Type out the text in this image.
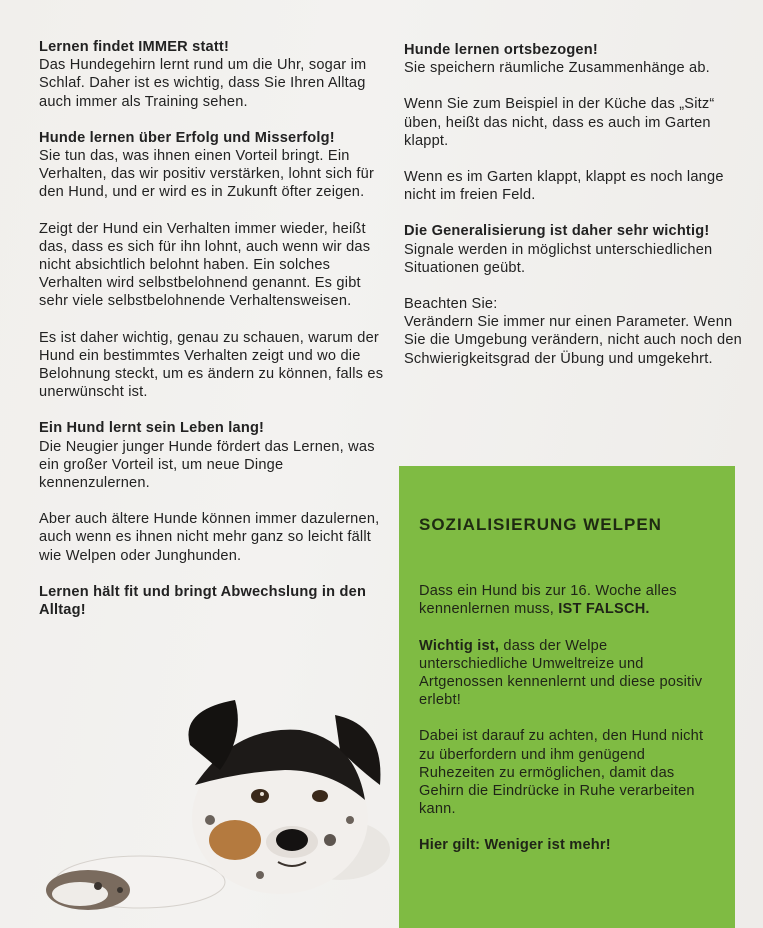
Lernen findet IMMER statt!

Das Hundegehirn lernt rund um die Uhr, sogar im Schlaf. Daher ist es wichtig, dass Sie Ihren Alltag auch immer als Training sehen.

Hunde lernen über Erfolg und Misserfolg!

Sie tun das, was ihnen einen Vorteil bringt. Ein Verhalten, das wir positiv verstärken, lohnt sich für den Hund, und er wird es in Zukunft öfter zeigen.

Zeigt der Hund ein Verhalten immer wieder, heißt das, dass es sich für ihn lohnt, auch wenn wir das nicht absichtlich belohnt haben. Ein solches Verhalten wird selbstbelohnend genannt. Es gibt sehr viele selbstbelohnende Verhaltensweisen.

Es ist daher wichtig, genau zu schauen, warum der Hund ein bestimmtes Verhalten zeigt und wo die Belohnung steckt, um es ändern zu können, falls es unerwünscht ist.

Ein Hund lernt sein Leben lang!

Die Neugier junger Hunde fördert das Lernen, was ein großer Vorteil ist, um neue Dinge kennenzulernen.

Aber auch ältere Hunde können immer dazulernen, auch wenn es ihnen nicht mehr ganz so leicht fällt wie Welpen oder Junghunden.

Lernen hält fit und bringt Abwechslung in den Alltag!

Hunde lernen ortsbezogen!

Sie speichern räumliche Zusammenhänge ab.

Wenn Sie zum Beispiel in der Küche das „Sitz“ üben, heißt das nicht, dass es auch im Garten klappt.

Wenn es im Garten klappt, klappt es noch lange nicht im freien Feld.

Die Generalisierung ist daher sehr wichtig!

Signale werden in möglichst unterschiedlichen Situationen geübt.

Beachten Sie:

Verändern Sie immer nur einen Parameter. Wenn Sie die Umgebung verändern, nicht auch noch den Schwierigkeitsgrad der Übung und umgekehrt.

SOZIALISIERUNG WELPEN

Dass ein Hund bis zur 16. Woche alles kennenlernen muss, IST FALSCH.

Wichtig ist, dass der Welpe unterschiedliche Umweltreize und Artgenossen kennenlernt und diese positiv erlebt!

Dabei ist darauf zu achten, den Hund nicht zu überfordern und ihm genügend Ruhezeiten zu ermöglichen, damit das Gehirn die Eindrücke in Ruhe verarbeiten kann.

Hier gilt: Weniger ist mehr!
